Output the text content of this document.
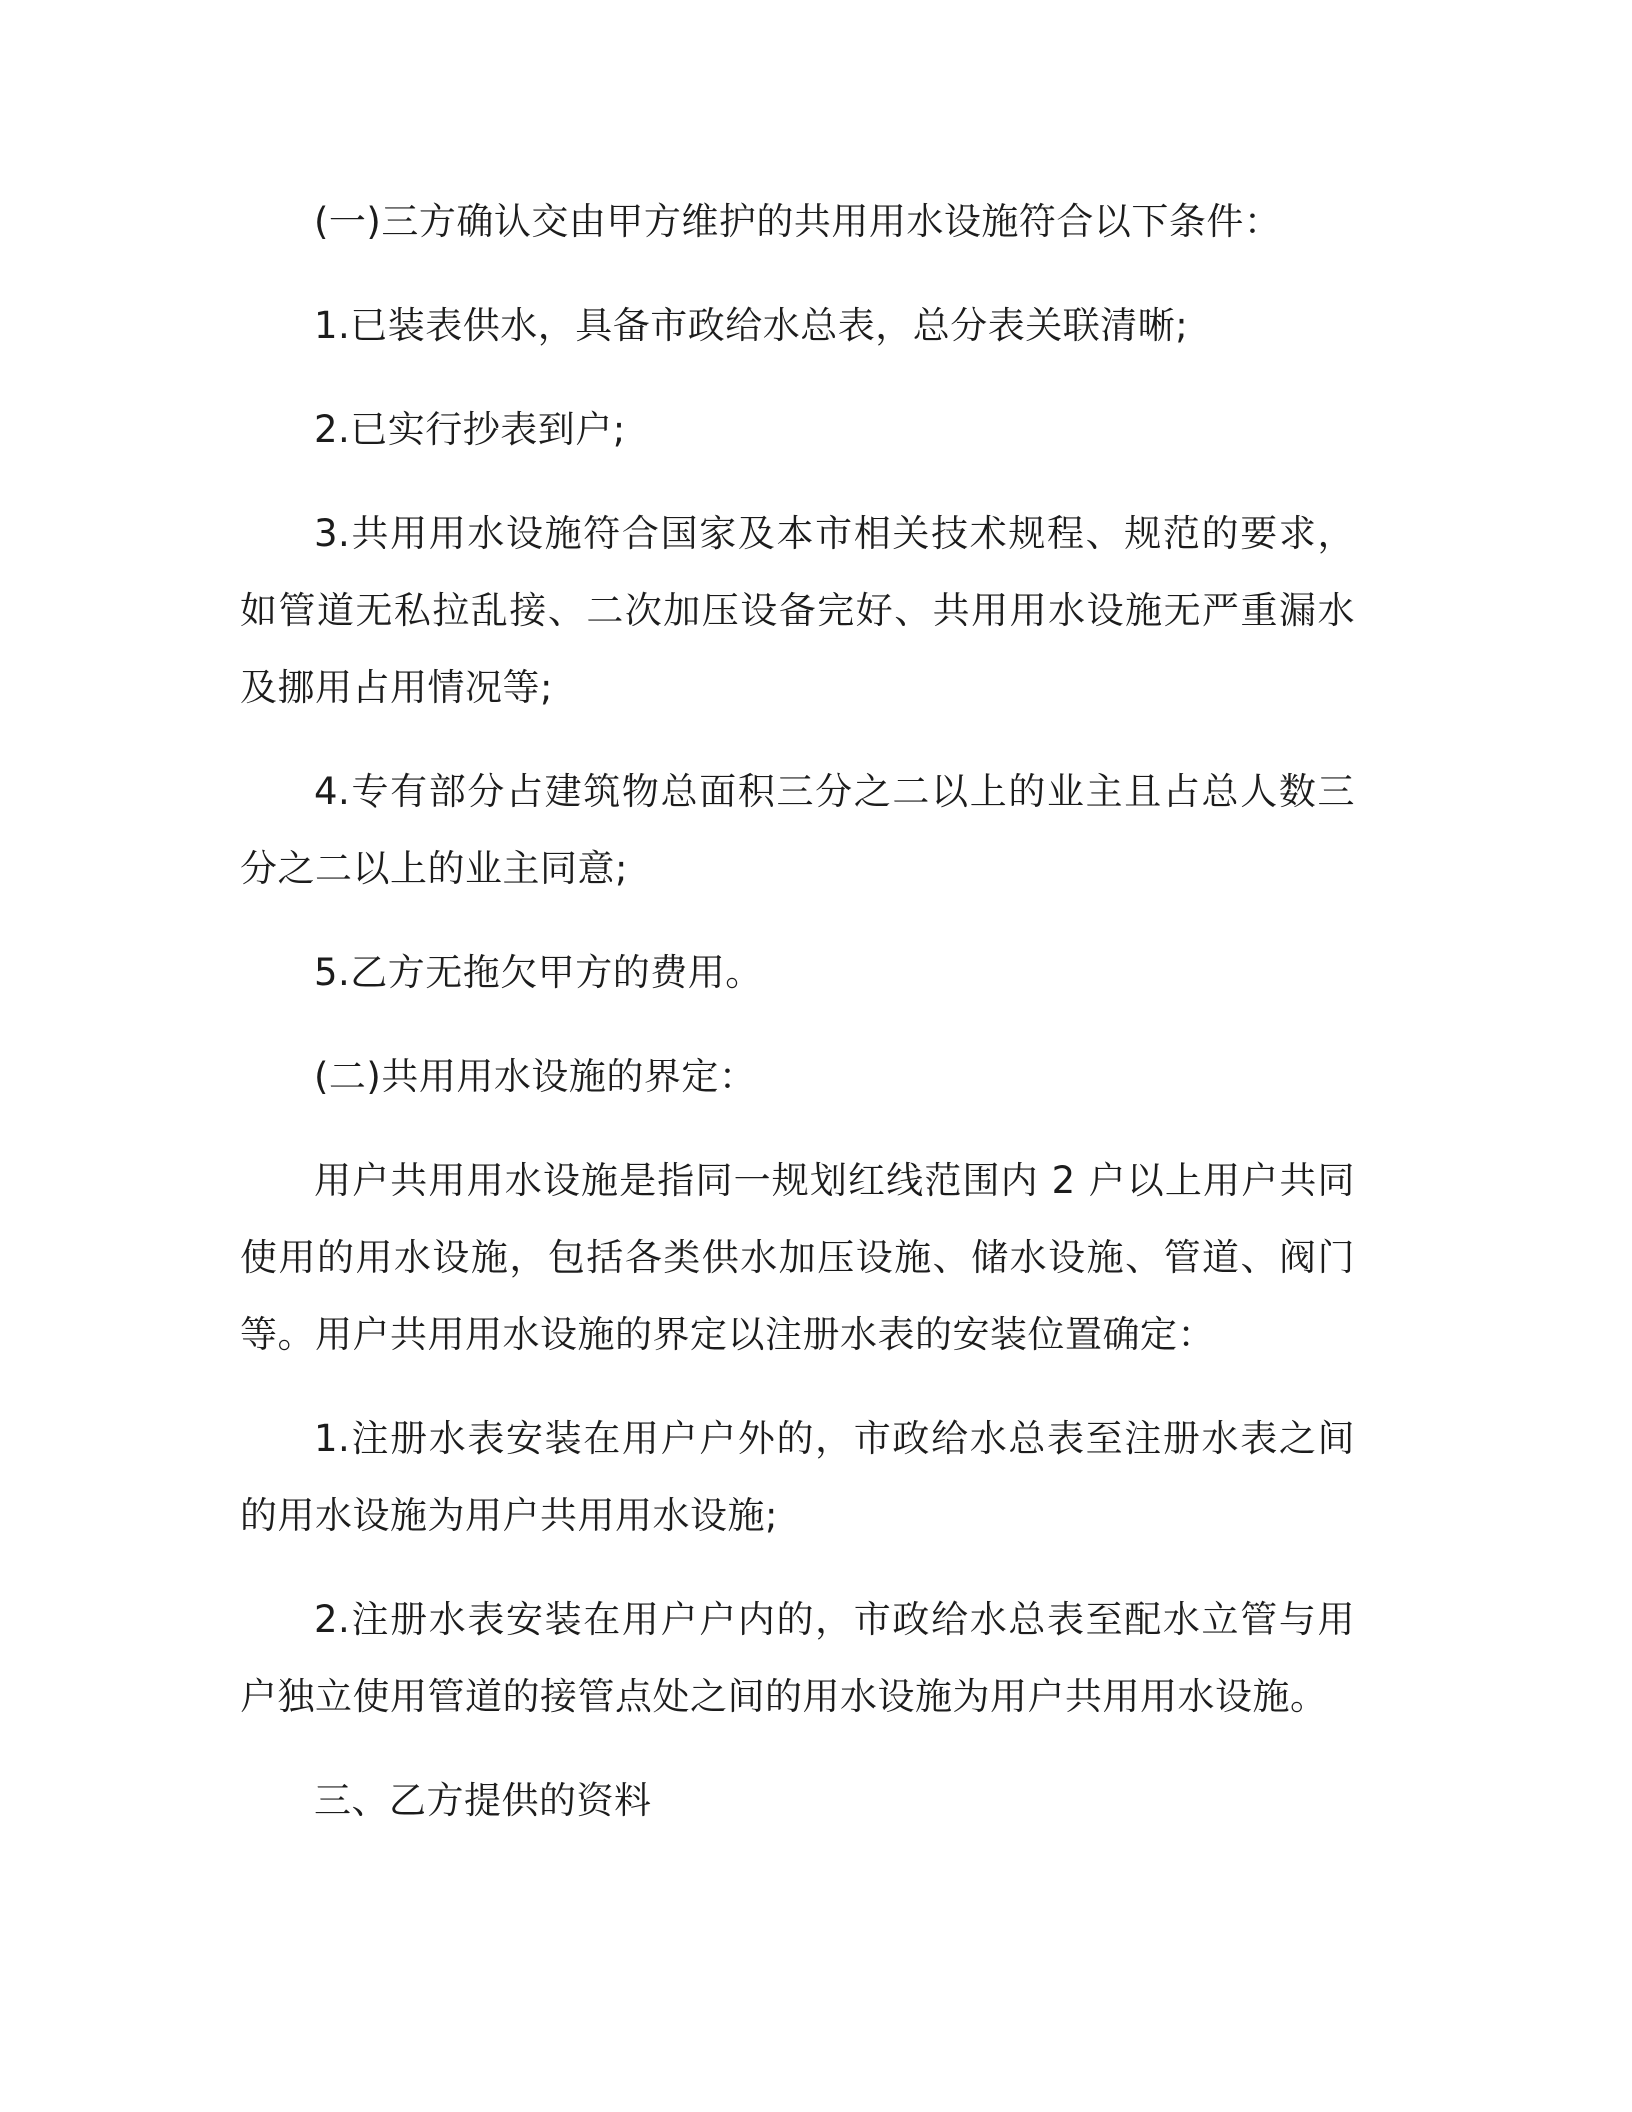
(一)三方确认交由甲方维护的共用用水设施符合以下条件：

1.已装表供水，具备市政给水总表，总分表关联清晰;

2.已实行抄表到户;

3.共用用水设施符合国家及本市相关技术规程、规范的要求，如管道无私拉乱接、二次加压设备完好、共用用水设施无严重漏水及挪用占用情况等;

4.专有部分占建筑物总面积三分之二以上的业主且占总人数三分之二以上的业主同意;

5.乙方无拖欠甲方的费用。

(二)共用用水设施的界定：

用户共用用水设施是指同一规划红线范围内 2 户以上用户共同使用的用水设施，包括各类供水加压设施、储水设施、管道、阀门等。用户共用用水设施的界定以注册水表的安装位置确定：

1.注册水表安装在用户户外的，市政给水总表至注册水表之间的用水设施为用户共用用水设施;

2.注册水表安装在用户户内的，市政给水总表至配水立管与用户独立使用管道的接管点处之间的用水设施为用户共用用水设施。

三、乙方提供的资料
